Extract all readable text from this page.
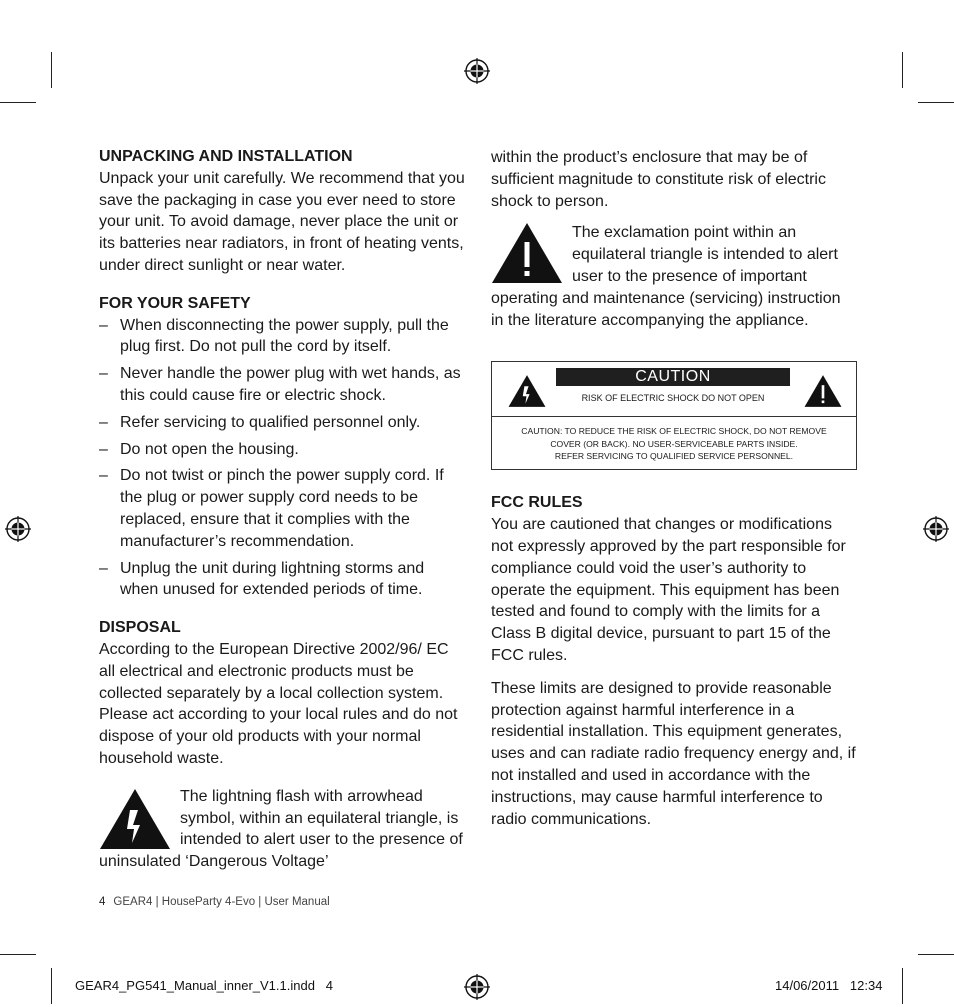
UNPACKING AND INSTALLATION

Unpack your unit carefully. We recommend that you save the packaging in case you ever need to store your unit. To avoid damage, never place the unit or its batteries near radiators, in front of heating vents, under direct sunlight or near water.

FOR YOUR SAFETY

– When disconnecting the power supply, pull the plug first. Do not pull the cord by itself.
– Never handle the power plug with wet hands, as this could cause fire or electric shock.
– Refer servicing to qualified personnel only.
– Do not open the housing.
– Do not twist or pinch the power supply cord. If the plug or power supply cord needs to be replaced, ensure that it complies with the manufacturer’s recommendation.
– Unplug the unit during lightning storms and when unused for extended periods of time.

DISPOSAL

According to the European Directive 2002/96/ EC all electrical and electronic products must be collected separately by a local collection system. Please act according to your local rules and do not dispose of your old products with your normal household waste.

The lightning flash with arrowhead symbol, within an equilateral triangle, is intended to alert user to the presence of uninsulated ‘Dangerous Voltage’

within the product’s enclosure that may be of sufficient magnitude to constitute risk of electric shock to person.

The exclamation point within an equilateral triangle is intended to alert user to the presence of important operating and maintenance (servicing) instruction in the literature accompanying the appliance.

CAUTION
RISK OF ELECTRIC SHOCK DO NOT OPEN
CAUTION: TO REDUCE THE RISK OF ELECTRIC SHOCK, DO NOT REMOVE
COVER (OR BACK). NO USER-SERVICEABLE PARTS INSIDE.
REFER SERVICING TO QUALIFIED SERVICE PERSONNEL.

FCC RULES

You are cautioned that changes or modifications not expressly approved by the part responsible for compliance could void the user’s authority to operate the equipment. This equipment has been tested and found to comply with the limits for a Class B digital device, pursuant to part 15 of the FCC rules.

These limits are designed to provide reasonable protection against harmful interference in a residential installation. This equipment generates, uses and can radiate radio frequency energy and, if not installed and used in accordance with the instructions, may cause harmful interference to radio communications.

4 GEAR4 | HouseParty 4-Evo | User Manual
GEAR4_PG541_Manual_inner_V1.1.indd   4	14/06/2011   12:34
